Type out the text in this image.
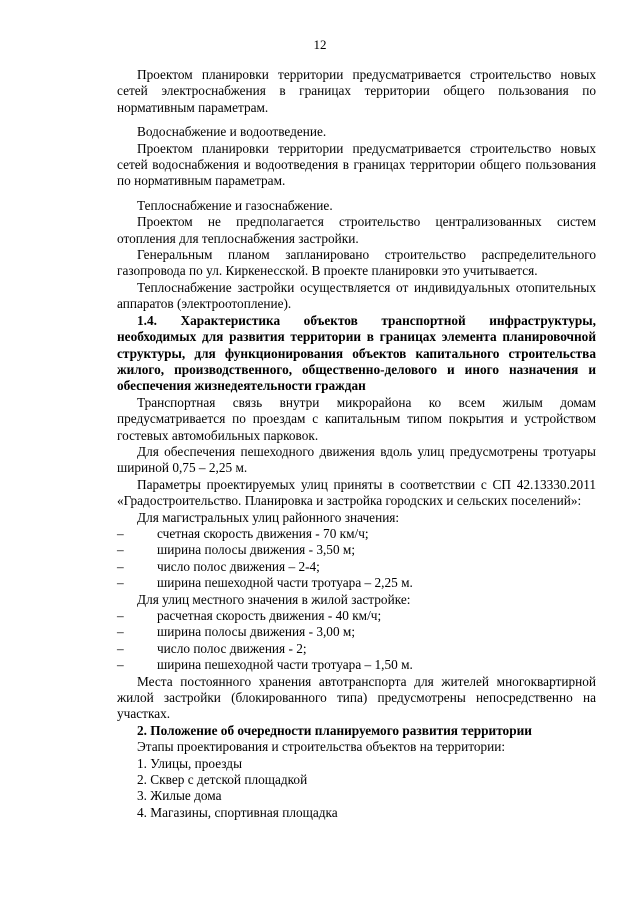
12

Проектом планировки территории предусматривается строительство новых сетей электроснабжения в границах территории общего пользования по нормативным параметрам.

Водоснабжение и водоотведение.

Проектом планировки территории предусматривается строительство новых сетей водоснабжения и водоотведения в границах территории общего пользования по нормативным параметрам.

Теплоснабжение и газоснабжение.

Проектом не предполагается строительство централизованных систем отопления для теплоснабжения застройки.

Генеральным планом запланировано строительство распределительного газопровода по ул. Киркенесской. В проекте планировки это учитывается.

Теплоснабжение застройки осуществляется от индивидуальных отопительных аппаратов (электроотопление).

1.4. Характеристика объектов транспортной инфраструктуры, необходимых для развития территории в границах элемента планировочной структуры, для функционирования объектов капитального строительства жилого, производственного, общественно-делового и иного назначения и обеспечения жизнедеятельности граждан

Транспортная связь внутри микрорайона ко всем жилым домам предусматривается по проездам с капитальным типом покрытия и устройством гостевых автомобильных парковок.

Для обеспечения пешеходного движения вдоль улиц предусмотрены тротуары шириной 0,75 – 2,25 м.

Параметры проектируемых улиц приняты в соответствии с СП 42.13330.2011 «Градостроительство. Планировка и застройка городских и сельских поселений»:

Для магистральных улиц районного значения:

–	счетная скорость движения - 70 км/ч;
–	ширина полосы движения - 3,50 м;
–	число полос движения – 2-4;
–	ширина пешеходной части тротуара – 2,25 м.

Для улиц местного значения в жилой застройке:

–	расчетная скорость движения - 40 км/ч;
–	ширина полосы движения - 3,00 м;
–	число полос движения - 2;
–	ширина пешеходной части тротуара – 1,50 м.

Места постоянного хранения автотранспорта для жителей многоквартирной жилой застройки (блокированного типа) предусмотрены непосредственно на участках.

2. Положение об очередности планируемого развития территории

Этапы проектирования и строительства объектов на территории:

1. Улицы, проезды

2. Сквер с детской площадкой

3. Жилые дома

4. Магазины, спортивная площадка
